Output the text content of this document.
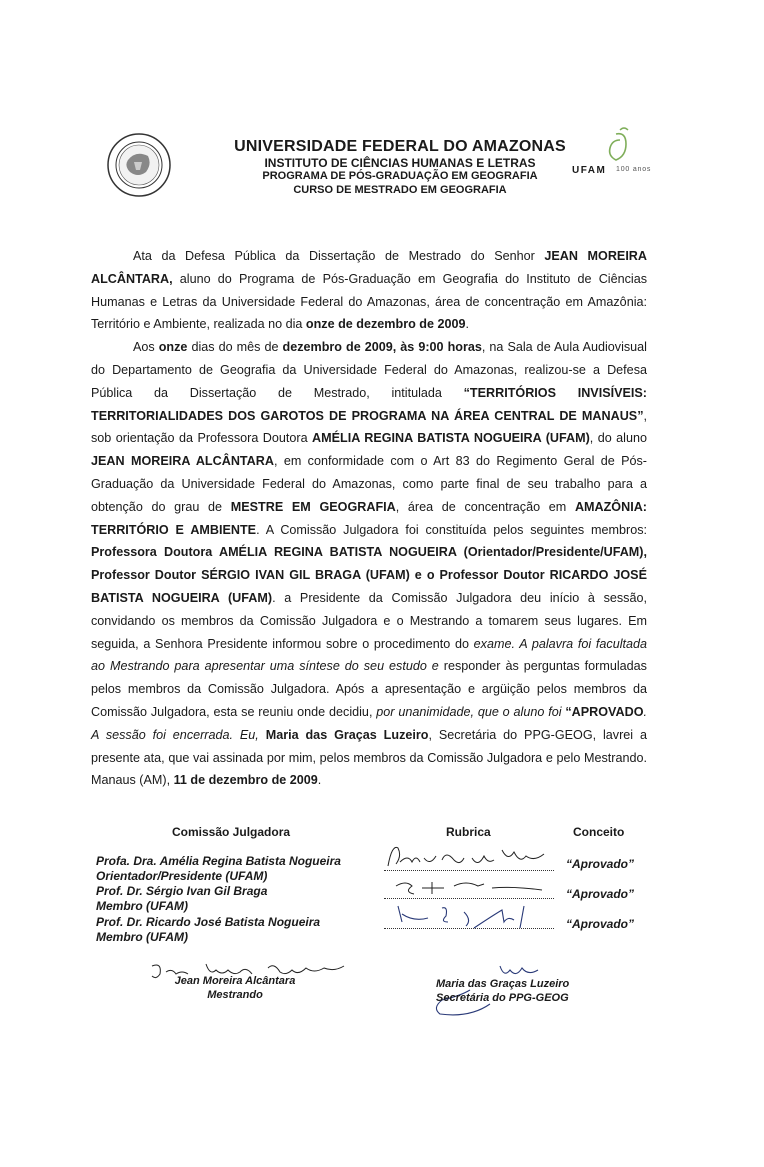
UNIVERSIDADE FEDERAL DO AMAZONAS
INSTITUTO DE CIÊNCIAS HUMANAS E LETRAS
PROGRAMA DE PÓS-GRADUAÇÃO EM GEOGRAFIA
CURSO DE MESTRADO EM GEOGRAFIA
UFAM 100 anos

Ata da Defesa Pública da Dissertação de Mestrado do Senhor JEAN MOREIRA ALCÂNTARA, aluno do Programa de Pós-Graduação em Geografia do Instituto de Ciências Humanas e Letras da Universidade Federal do Amazonas, área de concentração em Amazônia: Território e Ambiente, realizada no dia onze de dezembro de 2009.

Aos onze dias do mês de dezembro de 2009, às 9:00 horas, na Sala de Aula Audiovisual do Departamento de Geografia da Universidade Federal do Amazonas, realizou-se a Defesa Pública da Dissertação de Mestrado, intitulada “TERRITÓRIOS INVISÍVEIS: TERRITORIALIDADES DOS GAROTOS DE PROGRAMA NA ÁREA CENTRAL DE MANAUS”, sob orientação da Professora Doutora AMÉLIA REGINA BATISTA NOGUEIRA (UFAM), do aluno JEAN MOREIRA ALCÂNTARA, em conformidade com o Art 83 do Regimento Geral de Pós-Graduação da Universidade Federal do Amazonas, como parte final de seu trabalho para a obtenção do grau de MESTRE EM GEOGRAFIA, área de concentração em AMAZÔNIA: TERRITÓRIO E AMBIENTE. A Comissão Julgadora foi constituída pelos seguintes membros: Professora Doutora AMÉLIA REGINA BATISTA NOGUEIRA (Orientador/Presidente/UFAM), Professor Doutor SÉRGIO IVAN GIL BRAGA (UFAM) e o Professor Doutor RICARDO JOSÉ BATISTA NOGUEIRA (UFAM). a Presidente da Comissão Julgadora deu início à sessão, convidando os membros da Comissão Julgadora e o Mestrando a tomarem seus lugares. Em seguida, a Senhora Presidente informou sobre o procedimento do exame. A palavra foi facultada ao Mestrando para apresentar uma síntese do seu estudo e responder às perguntas formuladas pelos membros da Comissão Julgadora. Após a apresentação e argüição pelos membros da Comissão Julgadora, esta se reuniu onde decidiu, por unanimidade, que o aluno foi “APROVADO. A sessão foi encerrada. Eu, Maria das Graças Luzeiro, Secretária do PPG-GEOG, lavrei a presente ata, que vai assinada por mim, pelos membros da Comissão Julgadora e pelo Mestrando. Manaus (AM), 11 de dezembro de 2009.

Comissão Julgadora	Rubrica	Conceito
Profa. Dra. Amélia Regina Batista Nogueira
Orientador/Presidente (UFAM)
Prof. Dr. Sérgio Ivan Gil Braga
Membro (UFAM)
Prof. Dr. Ricardo José Batista Nogueira
Membro (UFAM)
“Aprovado”
“Aprovado”
“Aprovado”
Jean Moreira Alcântara
Mestrando
Maria das Graças Luzeiro
Secretária do PPG-GEOG
